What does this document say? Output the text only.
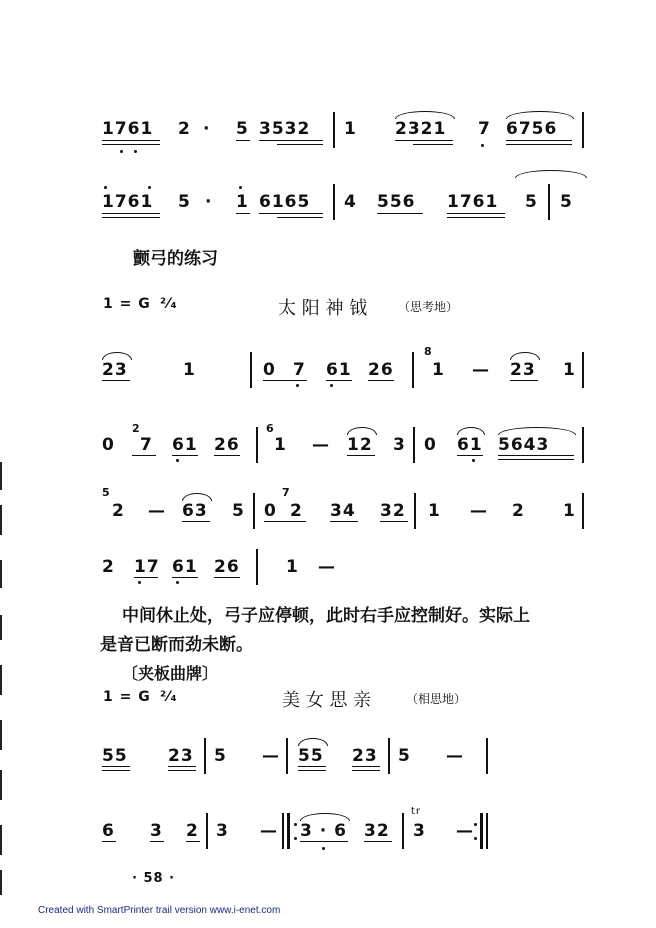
1761 2 · 5 3532 1 2321 7 6756
1761 5 · 1 6165 4 556 1761 5 5
颤弓的练习
1 = G ²⁄₄	太 阳 神 钺	（思考地）
23	1	0 7 61 26
8
1 — 23 1
0
2
7 61 26
6
1 — 12 3 0 61 5643
5
2 — 63 5 0
7
2 34 32 1 — 2 1
2 17 61 26	1 —
中间休止处，弓子应停顿，此时右手应控制好。实际上
是音已断而劲未断。
〔夹板曲牌〕
1 = G ²⁄₄	美 女 思 亲	（相思地）
55 23 5 — 55 23 5 —
6 3 2 3 — 3 · 6 32
tr
3 —
· 58 ·
Created with SmartPrinter trail version www.i-enet.com
